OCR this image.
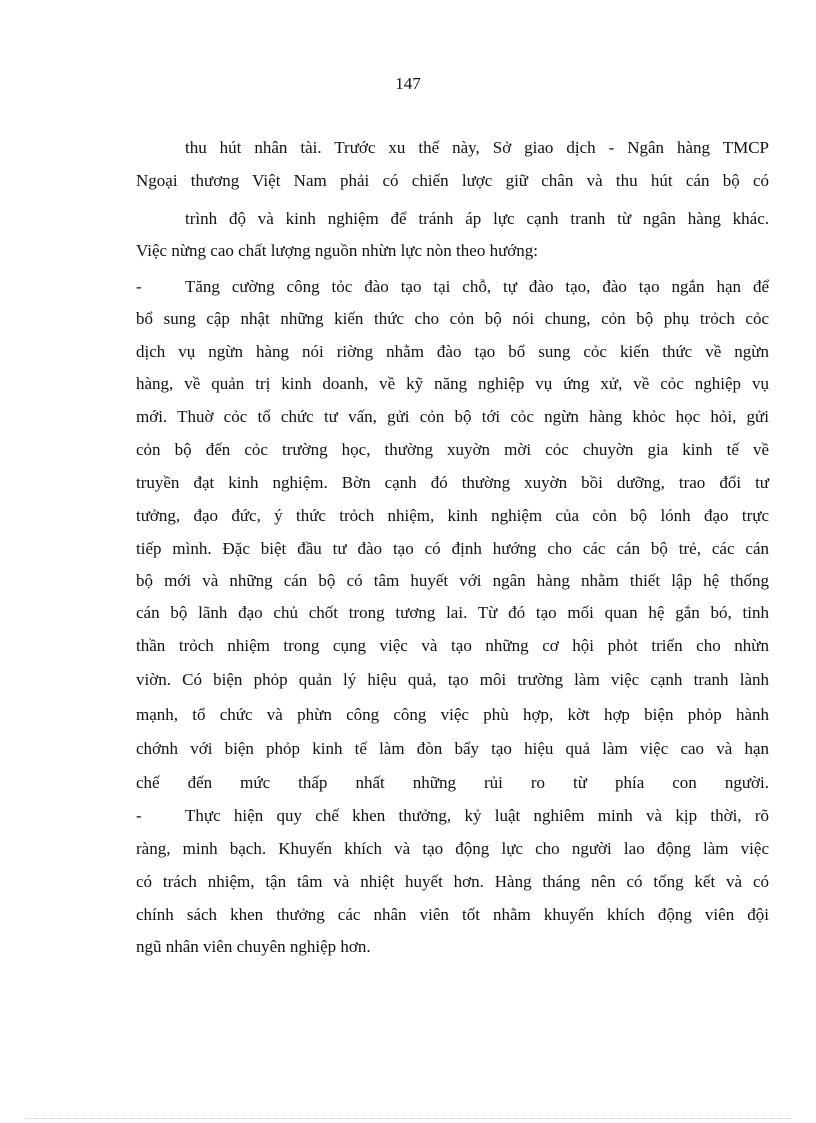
147
thu hút nhân tài. Trước xu thế này, Sở giao dịch - Ngân hàng TMCP
Ngoại thương Việt Nam phải có chiến lược giữ chân và thu hút cán bộ có
trình độ và kinh nghiệm để tránh áp lực cạnh tranh từ ngân hàng khác.
Việc nừng cao chất lượng nguồn nhừn lực nòn theo hướng:
-	Tăng cường công tỏc đào tạo tại chỗ, tự đào tạo, đào tạo ngắn hạn để
bổ sung cập nhật những kiến thức cho cỏn bộ nói chung, cỏn bộ phụ trỏch cỏc
dịch vụ ngừn hàng nói riờng nhằm đào tạo bổ sung cỏc kiến thức về ngừn
hàng, về quản trị kinh doanh, về kỹ năng nghiệp vụ ứng xử, về cỏc nghiệp vụ
mới. Thuờ cỏc tổ chức tư vấn, gửi cỏn bộ tới cỏc ngừn hàng khỏc học hỏi, gửi
cỏn bộ đến cỏc trường học, thường xuyờn mời cỏc chuyờn gia kinh tế về
truyền đạt kinh nghiệm. Bờn cạnh đó thường xuyờn bồi dưỡng, trao đổi tư
tưởng, đạo đức, ý thức trỏch nhiệm, kinh nghiệm của cỏn bộ lónh đạo trực
tiếp mình. Đặc biệt đầu tư đào tạo có định hướng cho các cán bộ trẻ, các cán
bộ mới và những cán bộ có tâm huyết với ngân hàng nhằm thiết lập hệ thống
cán bộ lãnh đạo chủ chốt trong tương lai. Từ đó tạo mối quan hệ gắn bó, tinh
thần trỏch nhiệm trong cụng việc và tạo những cơ hội phỏt triển cho nhừn
viờn. Có biện phỏp quản lý hiệu quả, tạo môi trường làm việc cạnh tranh lành
mạnh, tổ chức và phừn công công việc phù hợp, kờt hợp biện phỏp hành
chớnh với biện phỏp kinh tế làm đòn bẩy tạo hiệu quả làm việc cao và hạn
chế đến mức thấp nhất những rủi ro từ phía con người.
-	Thực hiện quy chế khen thưởng, kỷ luật nghiêm minh và kịp thời, rõ
ràng, minh bạch. Khuyến khích và tạo động lực cho người lao động làm việc
có trách nhiệm, tận tâm và nhiệt huyết hơn. Hàng tháng nên có tổng kết và có
chính sách khen thưởng các nhân viên tốt nhằm khuyến khích động viên đội
ngũ nhân viên chuyên nghiệp hơn.
